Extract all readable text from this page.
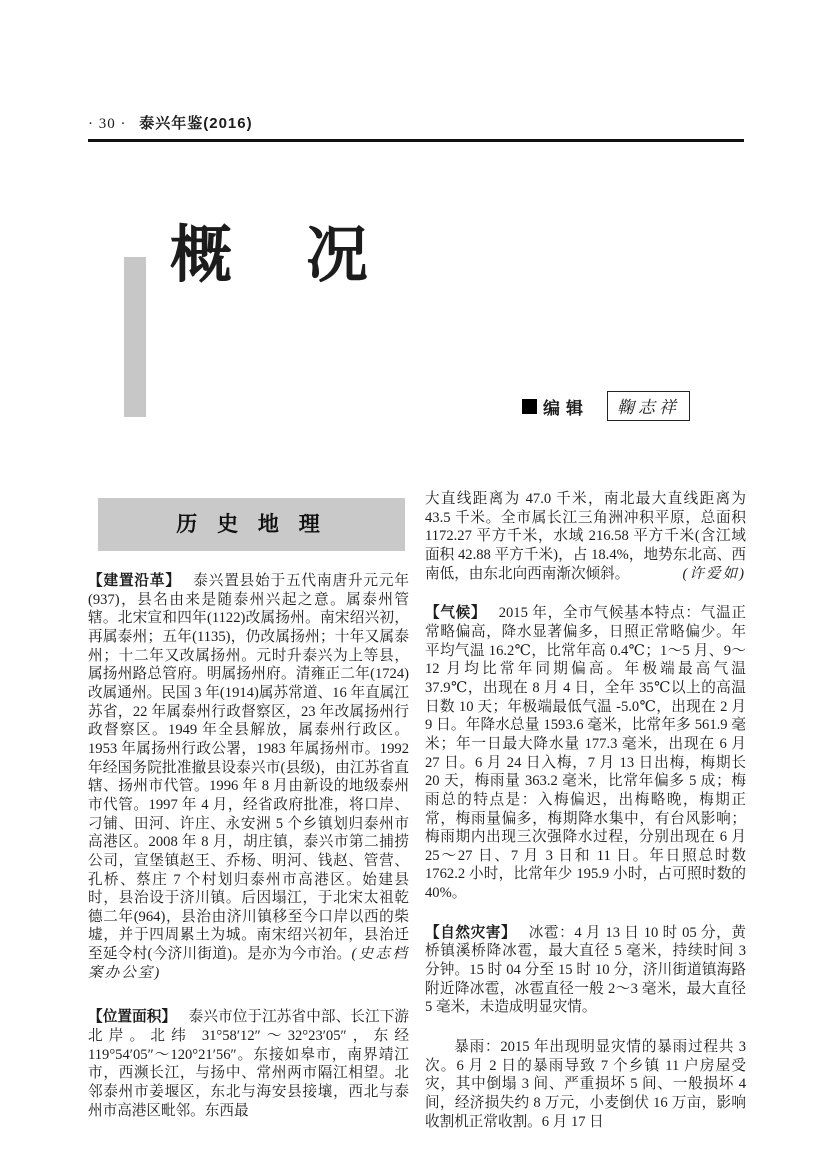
· 30 · 泰兴年鉴(2016)
概　况
编辑	鞠志祥
历 史 地 理

【建置沿革】 泰兴置县始于五代南唐升元元年(937)，县名由来是随泰州兴起之意。属泰州管辖。北宋宣和四年(1122)改属扬州。南宋绍兴初，再属泰州；五年(1135)，仍改属扬州；十年又属泰州；十二年又改属扬州。元时升泰兴为上等县，属扬州路总管府。明属扬州府。清雍正二年(1724)改属通州。民国 3 年(1914)属苏常道、16 年直属江苏省，22 年属泰州行政督察区，23 年改属扬州行政督察区。1949 年全县解放，属泰州行政区。1953 年属扬州行政公署，1983 年属扬州市。1992 年经国务院批准撤县设泰兴市(县级)，由江苏省直辖、扬州市代管。1996 年 8 月由新设的地级泰州市代管。1997 年 4 月，经省政府批准，将口岸、刁铺、田河、许庄、永安洲 5 个乡镇划归泰州市高港区。2008 年 8 月，胡庄镇，泰兴市第二捕捞公司，宣堡镇赵王、乔杨、明河、钱赵、管营、孔桥、蔡庄 7 个村划归泰州市高港区。始建县时，县治设于济川镇。后因塌江，于北宋太祖乾德二年(964)，县治由济川镇移至今口岸以西的柴墟，并于四周累土为城。南宋绍兴初年，县治迁至延令村(今济川街道)。是亦为今市治。(史志档案办公室)

【位置面积】 泰兴市位于江苏省中部、长江下游北岸。北纬 31°58′12″～32°23′05″，东经 119°54′05″～120°21′56″。东接如皋市，南界靖江市，西濒长江，与扬中、常州两市隔江相望。北邻泰州市姜堰区，东北与海安县接壤，西北与泰州市高港区毗邻。东西最

大直线距离为 47.0 千米，南北最大直线距离为 43.5 千米。全市属长江三角洲冲积平原，总面积 1172.27 平方千米，水域 216.58 平方千米(含江域面积 42.88 平方千米)，占 18.4%，地势东北高、西南低，由东北向西南渐次倾斜。	(许爱如)

【气候】 2015 年，全市气候基本特点：气温正常略偏高，降水显著偏多，日照正常略偏少。年平均气温 16.2℃，比常年高 0.4℃；1～5 月、9～12 月均比常年同期偏高。年极端最高气温 37.9℃，出现在 8 月 4 日，全年 35℃以上的高温日数 10 天；年极端最低气温 -5.0℃，出现在 2 月 9 日。年降水总量 1593.6 毫米，比常年多 561.9 毫米；年一日最大降水量 177.3 毫米，出现在 6 月 27 日。6 月 24 日入梅，7 月 13 日出梅，梅期长 20 天，梅雨量 363.2 毫米，比常年偏多 5 成；梅雨总的特点是：入梅偏迟，出梅略晚，梅期正常，梅雨量偏多，梅期降水集中，有台风影响；梅雨期内出现三次强降水过程，分别出现在 6 月 25～27 日、7 月 3 日和 11 日。年日照总时数 1762.2 小时，比常年少 195.9 小时，占可照时数的 40%。

【自然灾害】 冰雹：4 月 13 日 10 时 05 分，黄桥镇溪桥降冰雹，最大直径 5 毫米，持续时间 3 分钟。15 时 04 分至 15 时 10 分，济川街道镇海路附近降冰雹，冰雹直径一般 2～3 毫米，最大直径 5 毫米，未造成明显灾情。

暴雨：2015 年出现明显灾情的暴雨过程共 3 次。6 月 2 日的暴雨导致 7 个乡镇 11 户房屋受灾，其中倒塌 3 间、严重损坏 5 间、一般损坏 4 间，经济损失约 8 万元，小麦倒伏 16 万亩，影响收割机正常收割。6 月 17 日
